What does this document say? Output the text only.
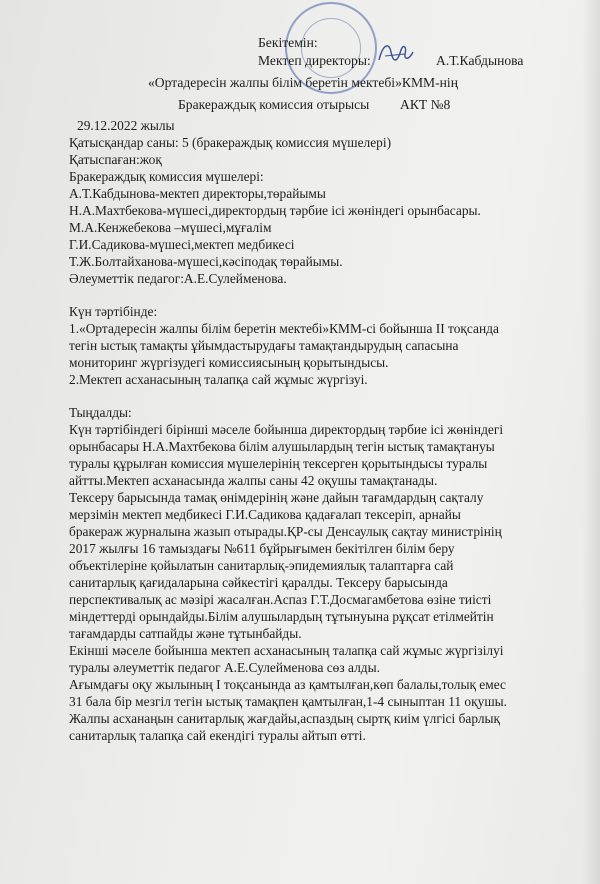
Бекітемін:
Мектеп директоры:	А.Т.Кабдынова
«Ортадересін жалпы білім беретін мектебі»КММ-нің
Бракераждық комиссия отырысы АКТ №8
29.12.2022 жылы
Қатысқандар саны: 5 (бракераждық комиссия мүшелері)
Қатыспаған:жоқ
Бракераждық комиссия мүшелері:
А.Т.Кабдынова-мектеп директоры,төрайымы
Н.А.Махтбекова-мүшесі,директордың тәрбие ісі жөніндегі орынбасары.
М.А.Кенжебекова –мүшесі,мұғалім
Г.И.Садикова-мүшесі,мектеп медбикесі
Т.Ж.Болтайханова-мүшесі,кәсіподақ төрайымы.
Әлеуметтік педагог:А.Е.Сулейменова.
Күн тәртібінде:
1.«Ортадересін жалпы білім беретін мектебі»КММ-сі бойынша II тоқсанда
тегін ыстық тамақты ұйымдастырудағы тамақтандырудың сапасына
мониторинг жүргізудегі комиссиясының қорытындысы.
2.Мектеп асханасының талапқа сай жұмыс жүргізуі.
Тыңдалды:
Күн тәртібіндегі бірінші мәселе бойынша директордың тәрбие ісі жөніндегі
орынбасары Н.А.Махтбекова білім алушылардың тегін ыстық тамақтануы
туралы құрылған комиссия мүшелерінің тексерген қорытындысы туралы
айтты.Мектеп асханасында жалпы саны 42 оқушы тамақтанады.
Тексеру барысында тамақ өнімдерінің және дайын тағамдардың сақталу
мерзімін мектеп медбикесі Г.И.Садикова қадағалап тексеріп, арнайы
бракераж журналына жазып отырады.ҚР-сы Денсаулық сақтау министрінің
2017 жылғы 16 тамыздағы №611 бұйрығымен бекітілген білім беру
объектілеріне қойылатын санитарлық-эпидемиялық талаптарға сай
санитарлық қағидаларына сәйкестігі қаралды. Тексеру барысында
перспективалық ас мәзірі жасалған.Аспаз Г.Т.Досмагамбетова өзіне тиісті
міндеттерді орындайды.Білім алушылардың тұтынуына рұқсат етілмейтін
тағамдарды сатпайды және тұтынбайды.
Екінші мәселе бойынша мектеп асханасының талапқа сай жұмыс жүргізілуі
туралы әлеуметтік педагог А.Е.Сулейменова сөз алды.
Ағымдағы оқу жылының I тоқсанында аз қамтылған,көп балалы,толық емес
31 бала бір мезгіл тегін ыстық тамақпен қамтылған,1-4 сыныптан 11 оқушы.
Жалпы асханаңын санитарлық жағдайы,аспаздың сыртқ киім үлгісі барлық
санитарлық талапқа сай екендігі туралы айтып өтті.
